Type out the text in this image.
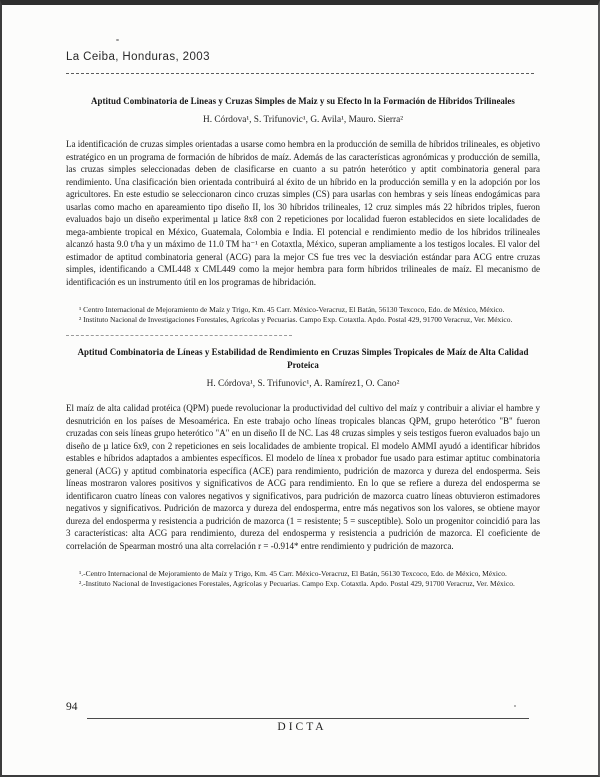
La Ceiba, Honduras, 2003
Aptitud Combinatoria de Lineas y Cruzas Simples de Maiz y su Efecto ln la Formación de Híbridos Trilineales

H. Córdova¹, S. Trifunovic¹, G. Avila¹, Mauro. Sierra²

La identificación de cruzas simples orientadas a usarse como hembra en la producción de semilla de híbridos trilineales, es objetivo estratégico en un programa de formación de híbridos de maíz. Además de las características agronómicas y producción de semilla, las cruzas simples seleccionadas deben de clasificarse en cuanto a su patrón heterótico y aptit combinatoria general para rendimiento. Una clasificación bien orientada contribuirá al éxito de un híbrido en la producción semilla y en la adopción por los agricultores. En este estudio se seleccionaron cinco cruzas simples (CS) para usarlas con hembras y seis líneas endogámicas para usarlas como macho en apareamiento tipo diseño II, los 30 híbridos trilineales, 12 cruz simples más 22 híbridos triples, fueron evaluados bajo un diseño experimental µ latice 8x8 con 2 repeticiones por localidad fueron establecidos en siete localidades de mega-ambiente tropical en México, Guatemala, Colombia e India. El potencial e rendimiento medio de los híbridos trilineales alcanzó hasta 9.0 t/ha y un máximo de 11.0 TM ha⁻¹ en Cotaxtla, México, superan ampliamente a los testigos locales. El valor del estimador de aptitud combinatoria general (ACG) para la mejor CS fue tres vec la desviación estándar para ACG entre cruzas simples, identificando a CML448 x CML449 como la mejor hembra para form híbridos trilineales de maíz. El mecanismo de identificación es un instrumento útil en los programas de hibridación.

¹ Centro Internacional de Mejoramiento de Maíz y Trigo, Km. 45 Carr. México-Veracruz, El Batán, 56130 Texcoco, Edo. de México, México.

² Instituto Nacional de Investigaciones Forestales, Agrícolas y Pecuarias. Campo Exp. Cotaxtla. Apdo. Postal 429, 91700 Veracruz, Ver. México.

Aptitud Combinatoria de Líneas y Estabilidad de Rendimiento en Cruzas Simples Tropicales de Maíz de Alta Calidad Proteica

H. Córdova¹, S. Trifunovic¹, A. Ramírez1, O. Cano²

El maíz de alta calidad protéica (QPM) puede revolucionar la productividad del cultivo del maíz y contribuir a aliviar el hambre y desnutrición en los países de Mesoamérica. En este trabajo ocho líneas tropicales blancas QPM, grupo heterótico "B" fueron cruzadas con seis líneas grupo heterótico "A" en un diseño II de NC. Las 48 cruzas simples y seis testigos fueron evaluados bajo un diseño de µ latice 6x9, con 2 repeticiones en seis localidades de ambiente tropical. El modelo AMMI ayudó a identificar híbridos estables e híbridos adaptados a ambientes específicos. El modelo de línea x probador fue usado para estimar aptituc combinatoria general (ACG) y aptitud combinatoria específica (ACE) para rendimiento, pudrición de mazorca y dureza del endosperma. Seis líneas mostraron valores positivos y significativos de ACG para rendimiento. En lo que se refiere a dureza del endosperma se identificaron cuatro líneas con valores negativos y significativos, para pudrición de mazorca cuatro líneas obtuvieron estimadores negativos y significativos. Pudrición de mazorca y dureza del endosperma, entre más negativos son los valores, se obtiene mayor dureza del endosperma y resistencia a pudrición de mazorca (1 = resistente; 5 = susceptible). Solo un progenitor coincidió para las 3 características: alta ACG para rendimiento, dureza del endosperma y resistencia a pudrición de mazorca. El coeficiente de correlación de Spearman mostró una alta correlación r = -0.914* entre rendimiento y pudrición de mazorca.

¹.-Centro Internacional de Mejoramiento de Maíz y Trigo, Km. 45 Carr. México-Veracruz, El Batán, 56130 Texcoco, Edo. de México, México.

².-Instituto Nacional de Investigaciones Forestales, Agrícolas y Pecuarias. Campo Exp. Cotaxtla. Apdo. Postal 429, 91700 Veracruz, Ver. México.

94
DICTA
